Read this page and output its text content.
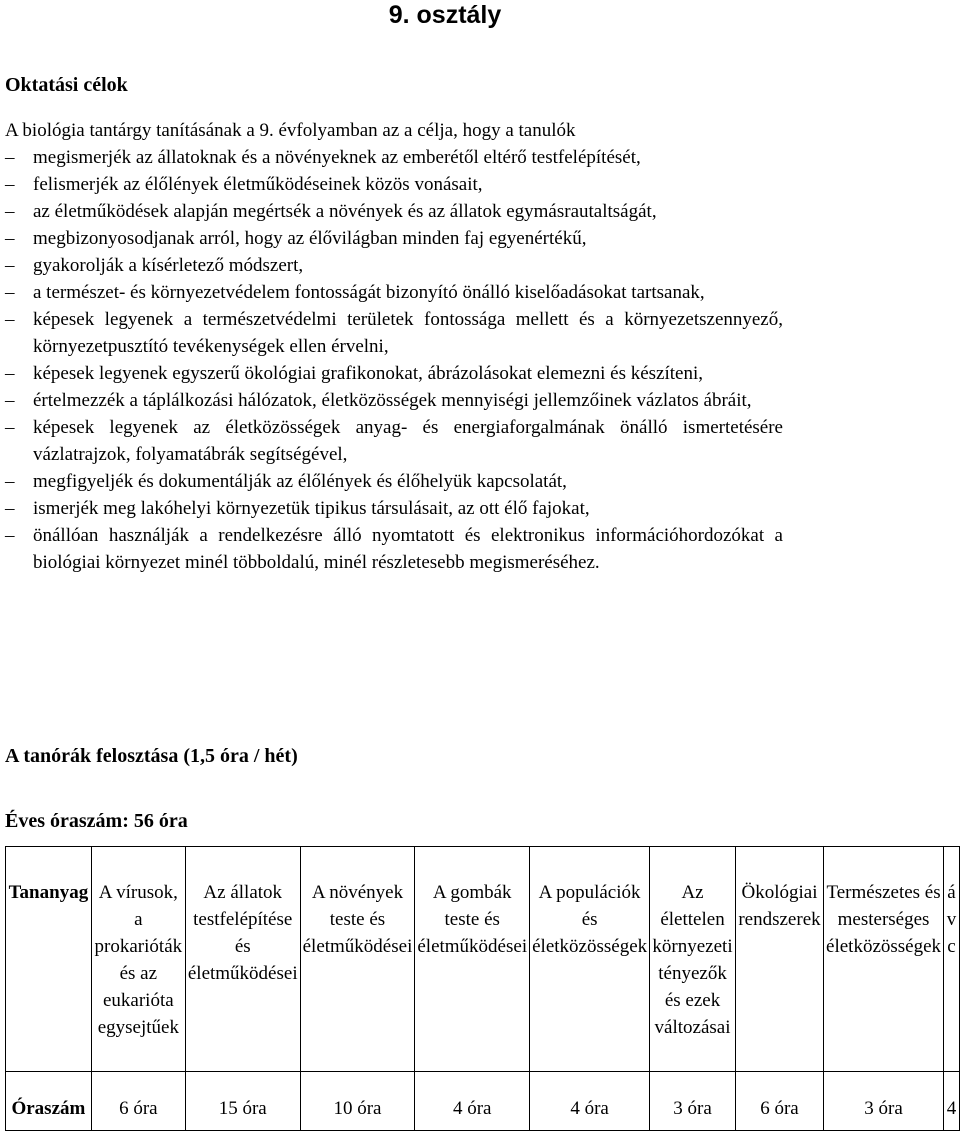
9. osztály
Oktatási célok
A biológia tantárgy tanításának a 9. évfolyamban az a célja, hogy a tanulók
– megismerjék az állatoknak és a növényeknek az emberétől eltérő testfelépítését,
– felismerjék az élőlények életműködéseinek közös vonásait,
– az életműködések alapján megértsék a növények és az állatok egymásrautaltságát,
– megbizonyosodjanak arról, hogy az élővilágban minden faj egyenértékű,
– gyakorolják a kísérletező módszert,
– a természet- és környezetvédelem fontosságát bizonyító önálló kiselőadásokat tartsanak,
– képesek legyenek a természetvédelmi területek fontossága mellett és a környezetszennyező, környezetpusztító tevékenységek ellen érvelni,
– képesek legyenek egyszerű ökológiai grafikonokat, ábrázolásokat elemezni és készíteni,
– értelmezzék a táplálkozási hálózatok, életközösségek mennyiségi jellemzőinek vázlatos ábráit,
– képesek legyenek az életközösségek anyag- és energiaforgalmának önálló ismertetésére vázlatrajzok, folyamatábrák segítségével,
– megfigyeljék és dokumentálják az élőlények és élőhelyük kapcsolatát,
– ismerjék meg lakóhelyi környezetük tipikus társulásait, az ott élő fajokat,
– önállóan használják a rendelkezésre álló nyomtatott és elektronikus információhordozókat a biológiai környezet minél többoldalú, minél részletesebb megismeréséhez.
A tanórák felosztása (1,5 óra / hét)
Éves óraszám: 56 óra
Tananyag	A vírusok, a prokarióták és az eukarióta egysejtűek	Az állatok testfelépítése és életműködései	A növények teste és életműködései	A gombák teste és életműködései	A populációk és életközösségek	Az élettelen környezeti tényezők és ezek változásai	Ökológiai rendszerek	Természetes és mesterséges életközösségek	á v c
Óraszám	6 óra	15 óra	10 óra	4 óra	4 óra	3 óra	6 óra	3 óra	4
